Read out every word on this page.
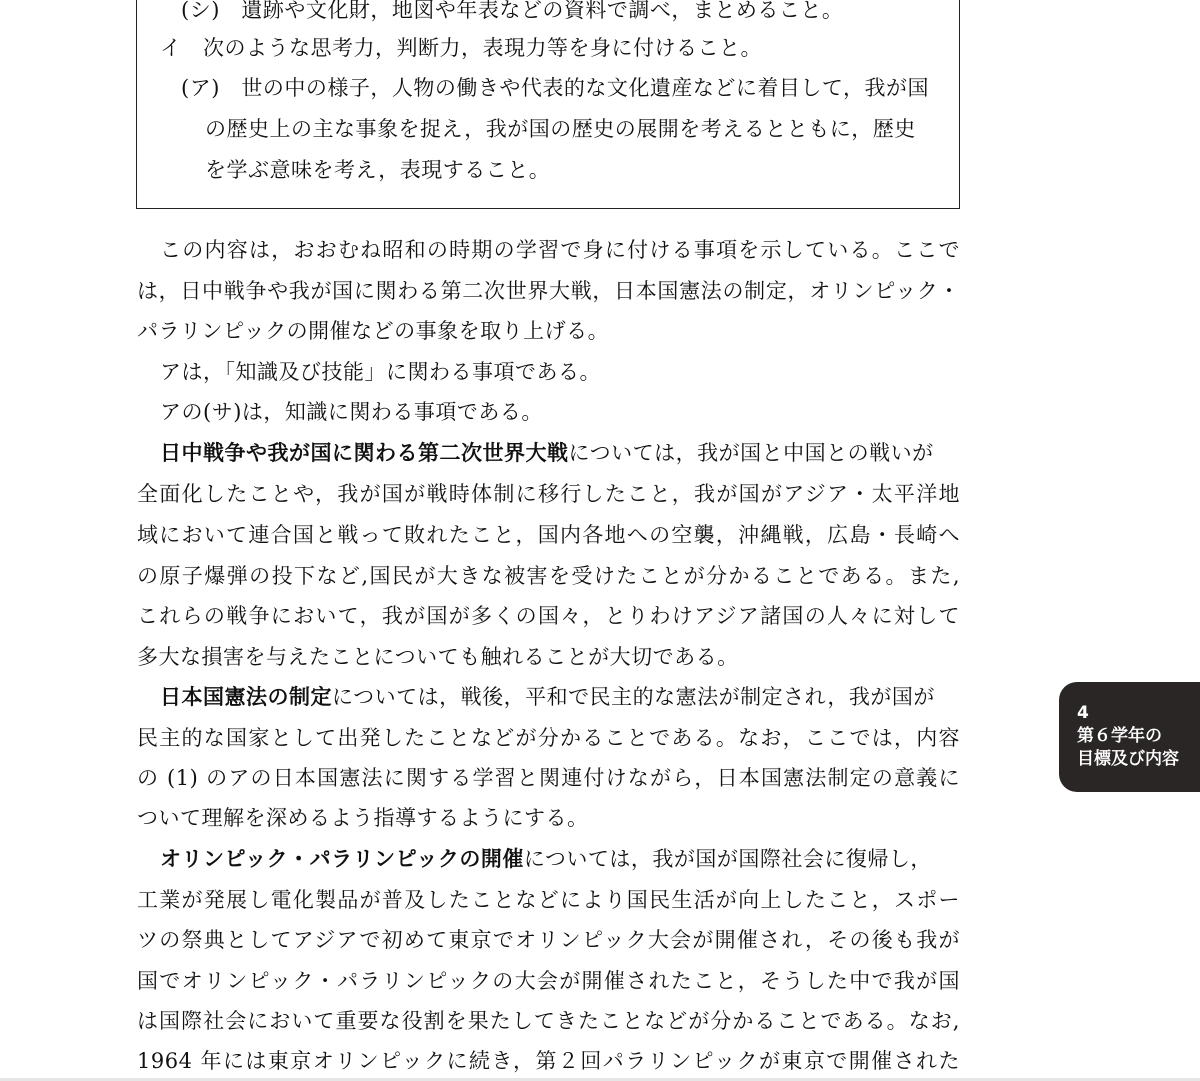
(シ)　遺跡や文化財，地図や年表などの資料で調べ，まとめること。
イ　次のような思考力，判断力，表現力等を身に付けること。
(ア)　世の中の様子，人物の働きや代表的な文化遺産などに着目して，我が国
の歴史上の主な事象を捉え，我が国の歴史の展開を考えるとともに，歴史
を学ぶ意味を考え，表現すること。
この内容は，おおむね昭和の時期の学習で身に付ける事項を示している。ここで
は，日中戦争や我が国に関わる第二次世界大戦，日本国憲法の制定，オリンピック・
パラリンピックの開催などの事象を取り上げる。
アは，「知識及び技能」に関わる事項である。
アの(サ)は，知識に関わる事項である。
日中戦争や我が国に関わる第二次世界大戦については，我が国と中国との戦いが
全面化したことや，我が国が戦時体制に移行したこと，我が国がアジア・太平洋地
域において連合国と戦って敗れたこと，国内各地への空襲，沖縄戦，広島・長崎へ
の原子爆弾の投下など,国民が大きな被害を受けたことが分かることである。また,
これらの戦争において，我が国が多くの国々，とりわけアジア諸国の人々に対して
多大な損害を与えたことについても触れることが大切である。
日本国憲法の制定については，戦後，平和で民主的な憲法が制定され，我が国が
民主的な国家として出発したことなどが分かることである。なお，ここでは，内容
の (1) のアの日本国憲法に関する学習と関連付けながら，日本国憲法制定の意義に
ついて理解を深めるよう指導するようにする。
オリンピック・パラリンピックの開催については，我が国が国際社会に復帰し，
工業が発展し電化製品が普及したことなどにより国民生活が向上したこと，スポー
ツの祭典としてアジアで初めて東京でオリンピック大会が開催され，その後も我が
国でオリンピック・パラリンピックの大会が開催されたこと，そうした中で我が国
は国際社会において重要な役割を果たしてきたことなどが分かることである。なお,
1964 年には東京オリンピックに続き，第２回パラリンピックが東京で開催された
4
第６学年の
目標及び内容
